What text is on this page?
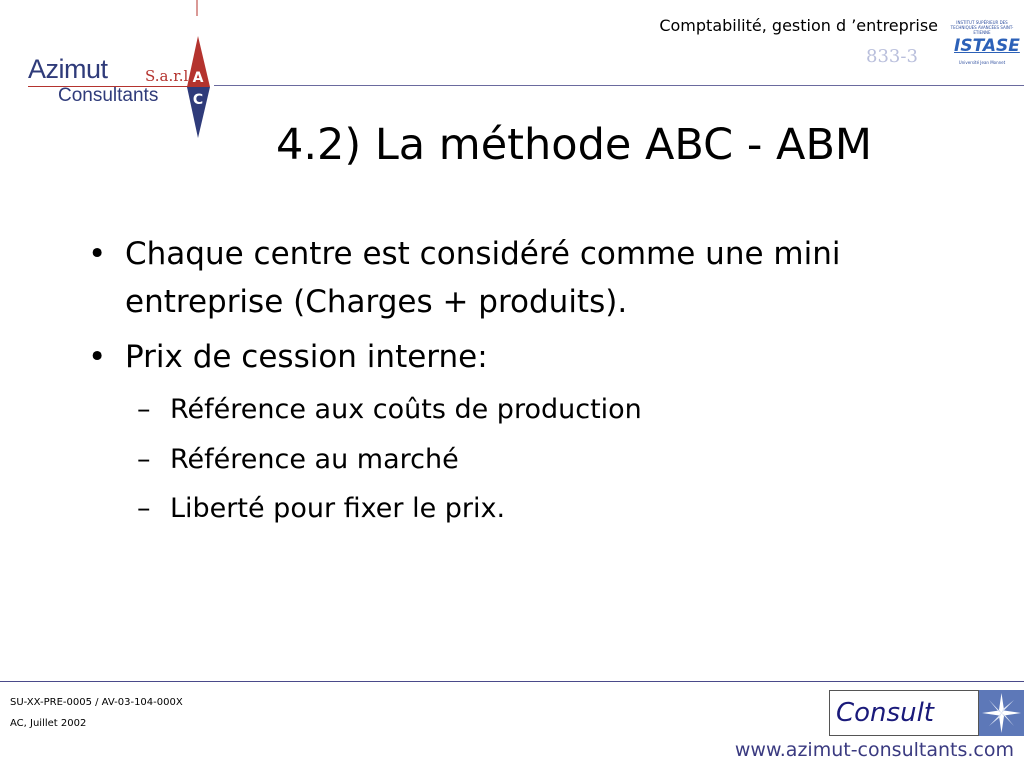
Azimut S.a.r.l
Consultants
A
C
Comptabilité, gestion d ’entreprise
833-3
INSTITUT SUPÉRIEUR DES TECHNIQUES AVANCÉES SAINT-ETIENNE
ISTASE
Université Jean Monnet
4.2) La méthode ABC - ABM
• Chaque centre est considéré comme une mini entreprise (Charges + produits).
• Prix de cession interne:
– Référence aux coûts de production
– Référence au marché
– Liberté pour fixer le prix.
SU-XX-PRE-0005 / AV-03-104-000X
AC, Juillet 2002	Consult
www.azimut-consultants.com
